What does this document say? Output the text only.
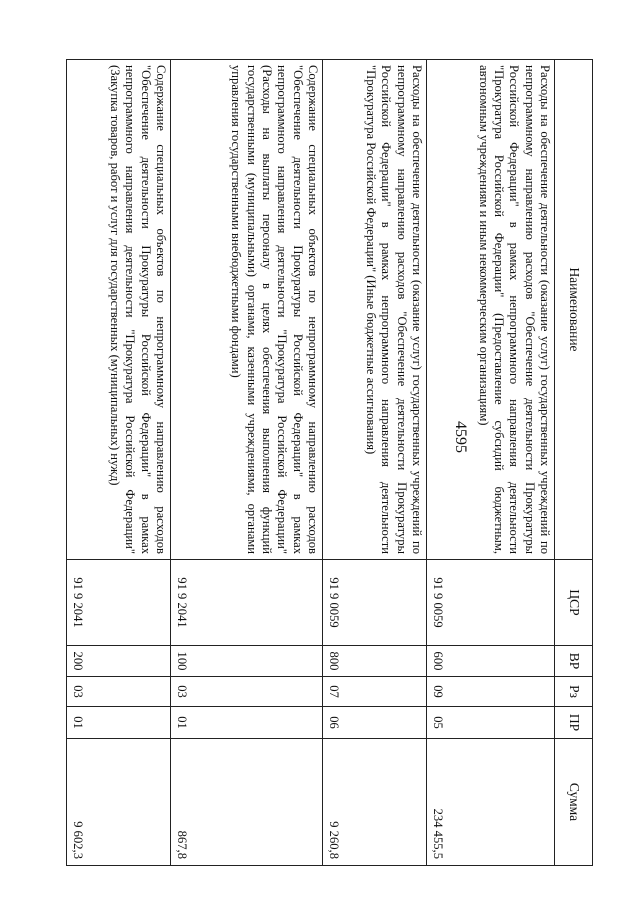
4595
Наименование	ЦСР	ВР	Рз	ПР	Сумма
Расходы на обеспечение деятельности (оказание услуг) государственных учреждений по непрограммному направлению расходов "Обеспечение деятельности Прокуратуры Российской Федерации" в рамках непрограммного направления деятельности "Прокуратура Российской Федерации" (Предоставление субсидий бюджетным, автономным учреждениям и иным некоммерческим организациям)	91 9 0059	600	09	05	234 455,5
Расходы на обеспечение деятельности (оказание услуг) государственных учреждений по непрограммному направлению расходов "Обеспечение деятельности Прокуратуры Российской Федерации" в рамках непрограммного направления деятельности "Прокуратура Российской Федерации" (Иные бюджетные ассигнования)	91 9 0059	800	07	06	9 260,8
Содержание специальных объектов по непрограммному направлению расходов "Обеспечение деятельности Прокуратуры Российской Федерации" в рамках непрограммного направления деятельности "Прокуратура Российской Федерации" (Расходы на выплаты персоналу в целях обеспечения выполнения функций государственными (муниципальными) органами, казенными учреждениями, органами управления государственными внебюджетными фондами)	91 9 2041	100	03	01	867,8
Содержание специальных объектов по непрограммному направлению расходов "Обеспечение деятельности Прокуратуры Российской Федерации" в рамках непрограммного направления деятельности "Прокуратура Российской Федерации" (Закупка товаров, работ и услуг для государственных (муниципальных) нужд)	91 9 2041	200	03	01	9 602,3
